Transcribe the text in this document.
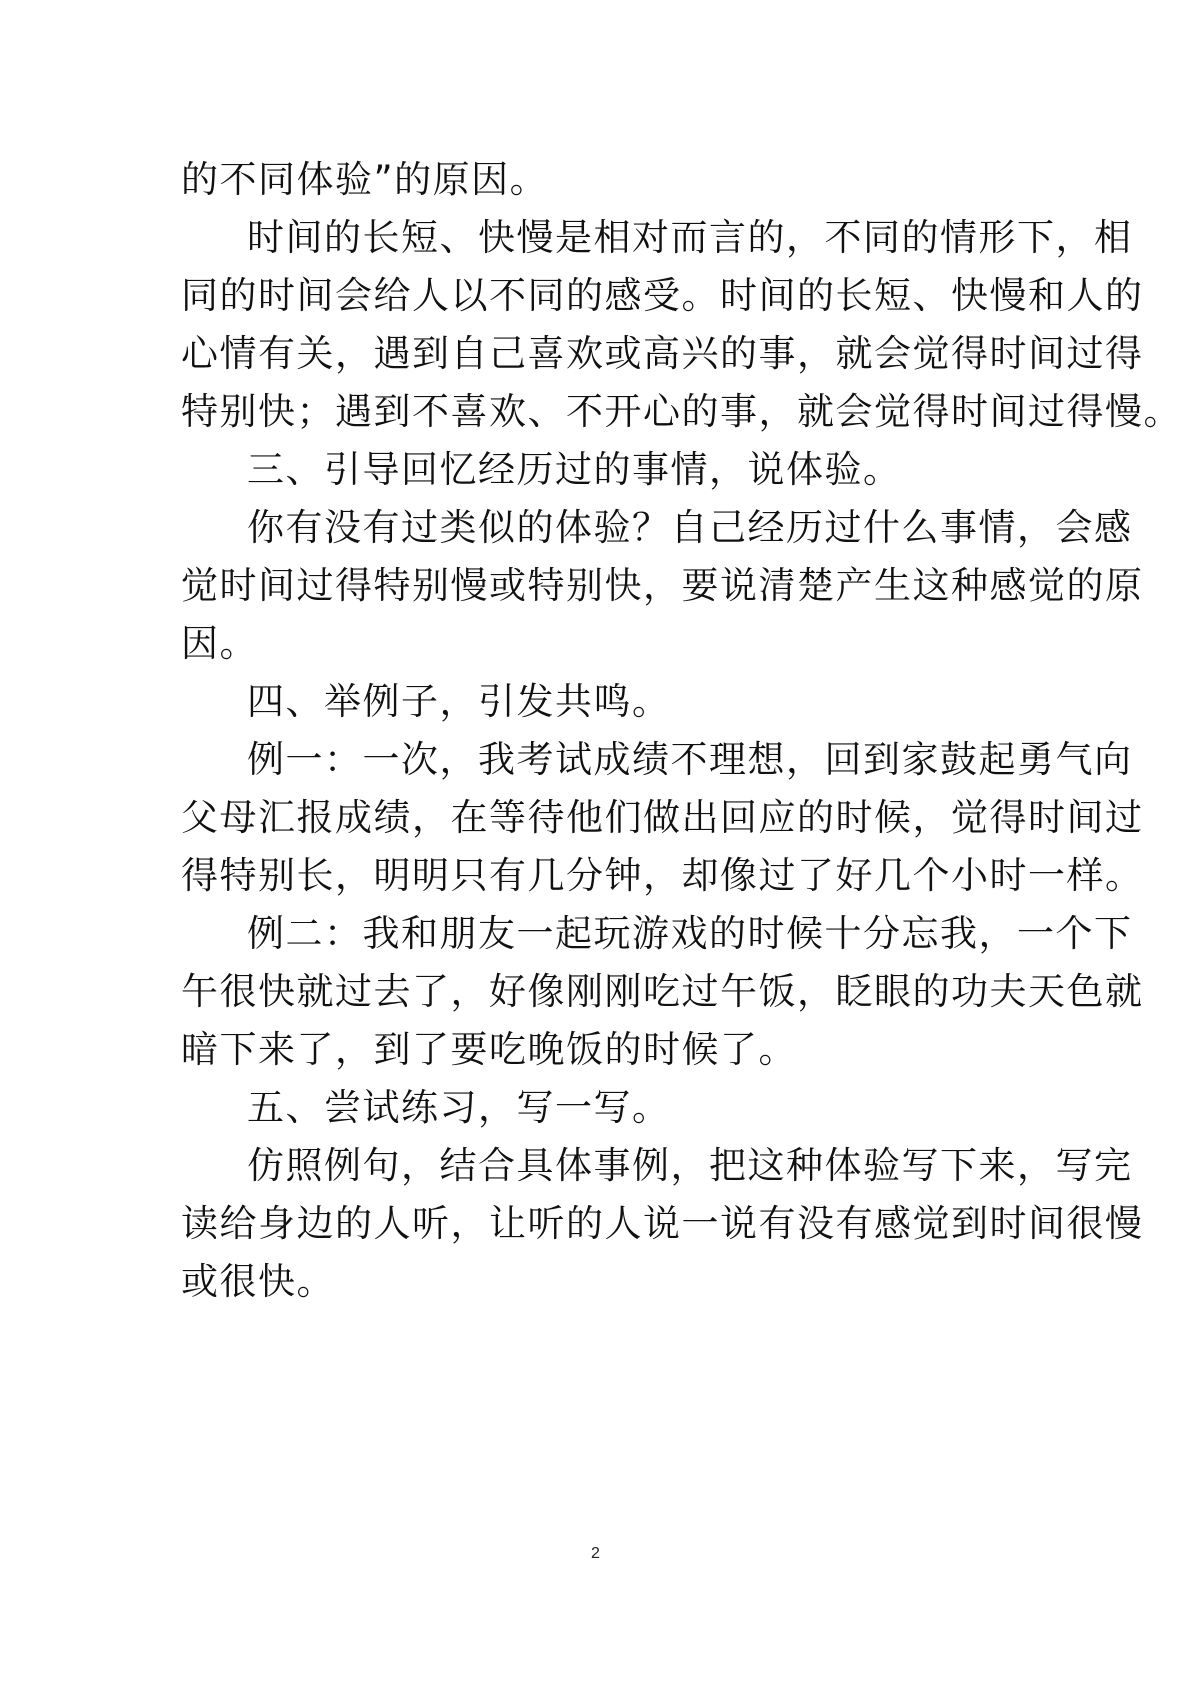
的不同体验”的原因。
时间的长短、快慢是相对而言的，不同的情形下，相
同的时间会给人以不同的感受。时间的长短、快慢和人的
心情有关，遇到自己喜欢或高兴的事，就会觉得时间过得
特别快；遇到不喜欢、不开心的事，就会觉得时间过得慢。
三、引导回忆经历过的事情，说体验。
你有没有过类似的体验？自己经历过什么事情，会感
觉时间过得特别慢或特别快，要说清楚产生这种感觉的原
因。
四、举例子，引发共鸣。
例一：一次，我考试成绩不理想，回到家鼓起勇气向
父母汇报成绩，在等待他们做出回应的时候，觉得时间过
得特别长，明明只有几分钟，却像过了好几个小时一样。
例二：我和朋友一起玩游戏的时候十分忘我，一个下
午很快就过去了，好像刚刚吃过午饭，眨眼的功夫天色就
暗下来了，到了要吃晚饭的时候了。
五、尝试练习，写一写。
仿照例句，结合具体事例，把这种体验写下来，写完
读给身边的人听，让听的人说一说有没有感觉到时间很慢
或很快。
2
